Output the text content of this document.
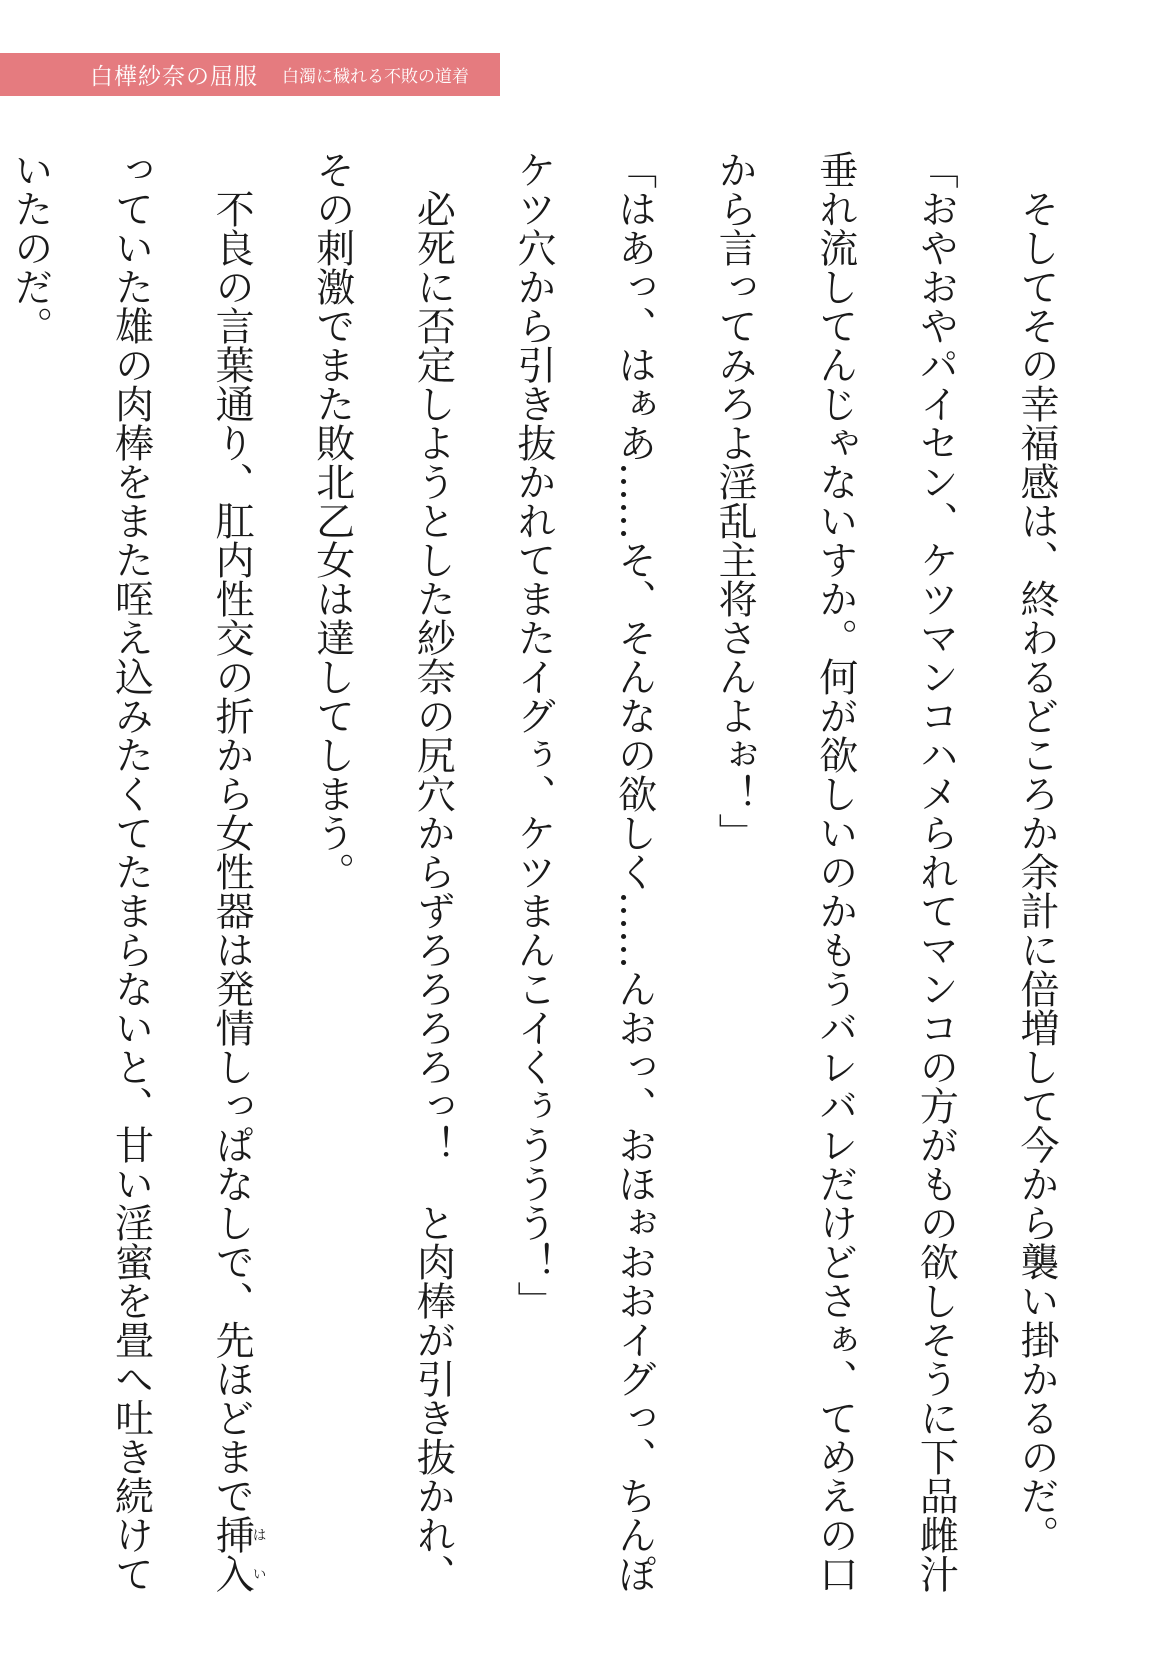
白樺紗奈の屈服 白濁に穢れる不敗の道着

　そしてその幸福感は、終わるどころか余計に倍増して今から襲い掛かるのだ。

「おやおやパイセン、ケツマンコハメられてマンコの方がもの欲しそうに下品雌汁垂れ流してんじゃないすか。何が欲しいのかもうバレバレだけどさぁ、てめえの口から言ってみろよ淫乱主将さんよぉ！」

「はあっ、はぁあ……そ、そんなの欲しく……んおっ、おほぉおおイグっ、ちんぽケツ穴から引き抜かれてまたイグぅ、ケツまんこイくぅううう！」

　必死に否定しようとした紗奈の尻穴からずろろろろっ！　と肉棒が引き抜かれ、その刺激でまた敗北乙女は達してしまう。

　不良の言葉通り、肛内性交の折から女性器は発情しっぱなしで、先ほどまで挿入はいっていた雄の肉棒をまた咥え込みたくてたまらないと、甘い淫蜜を畳へ吐き続けていたのだ。
